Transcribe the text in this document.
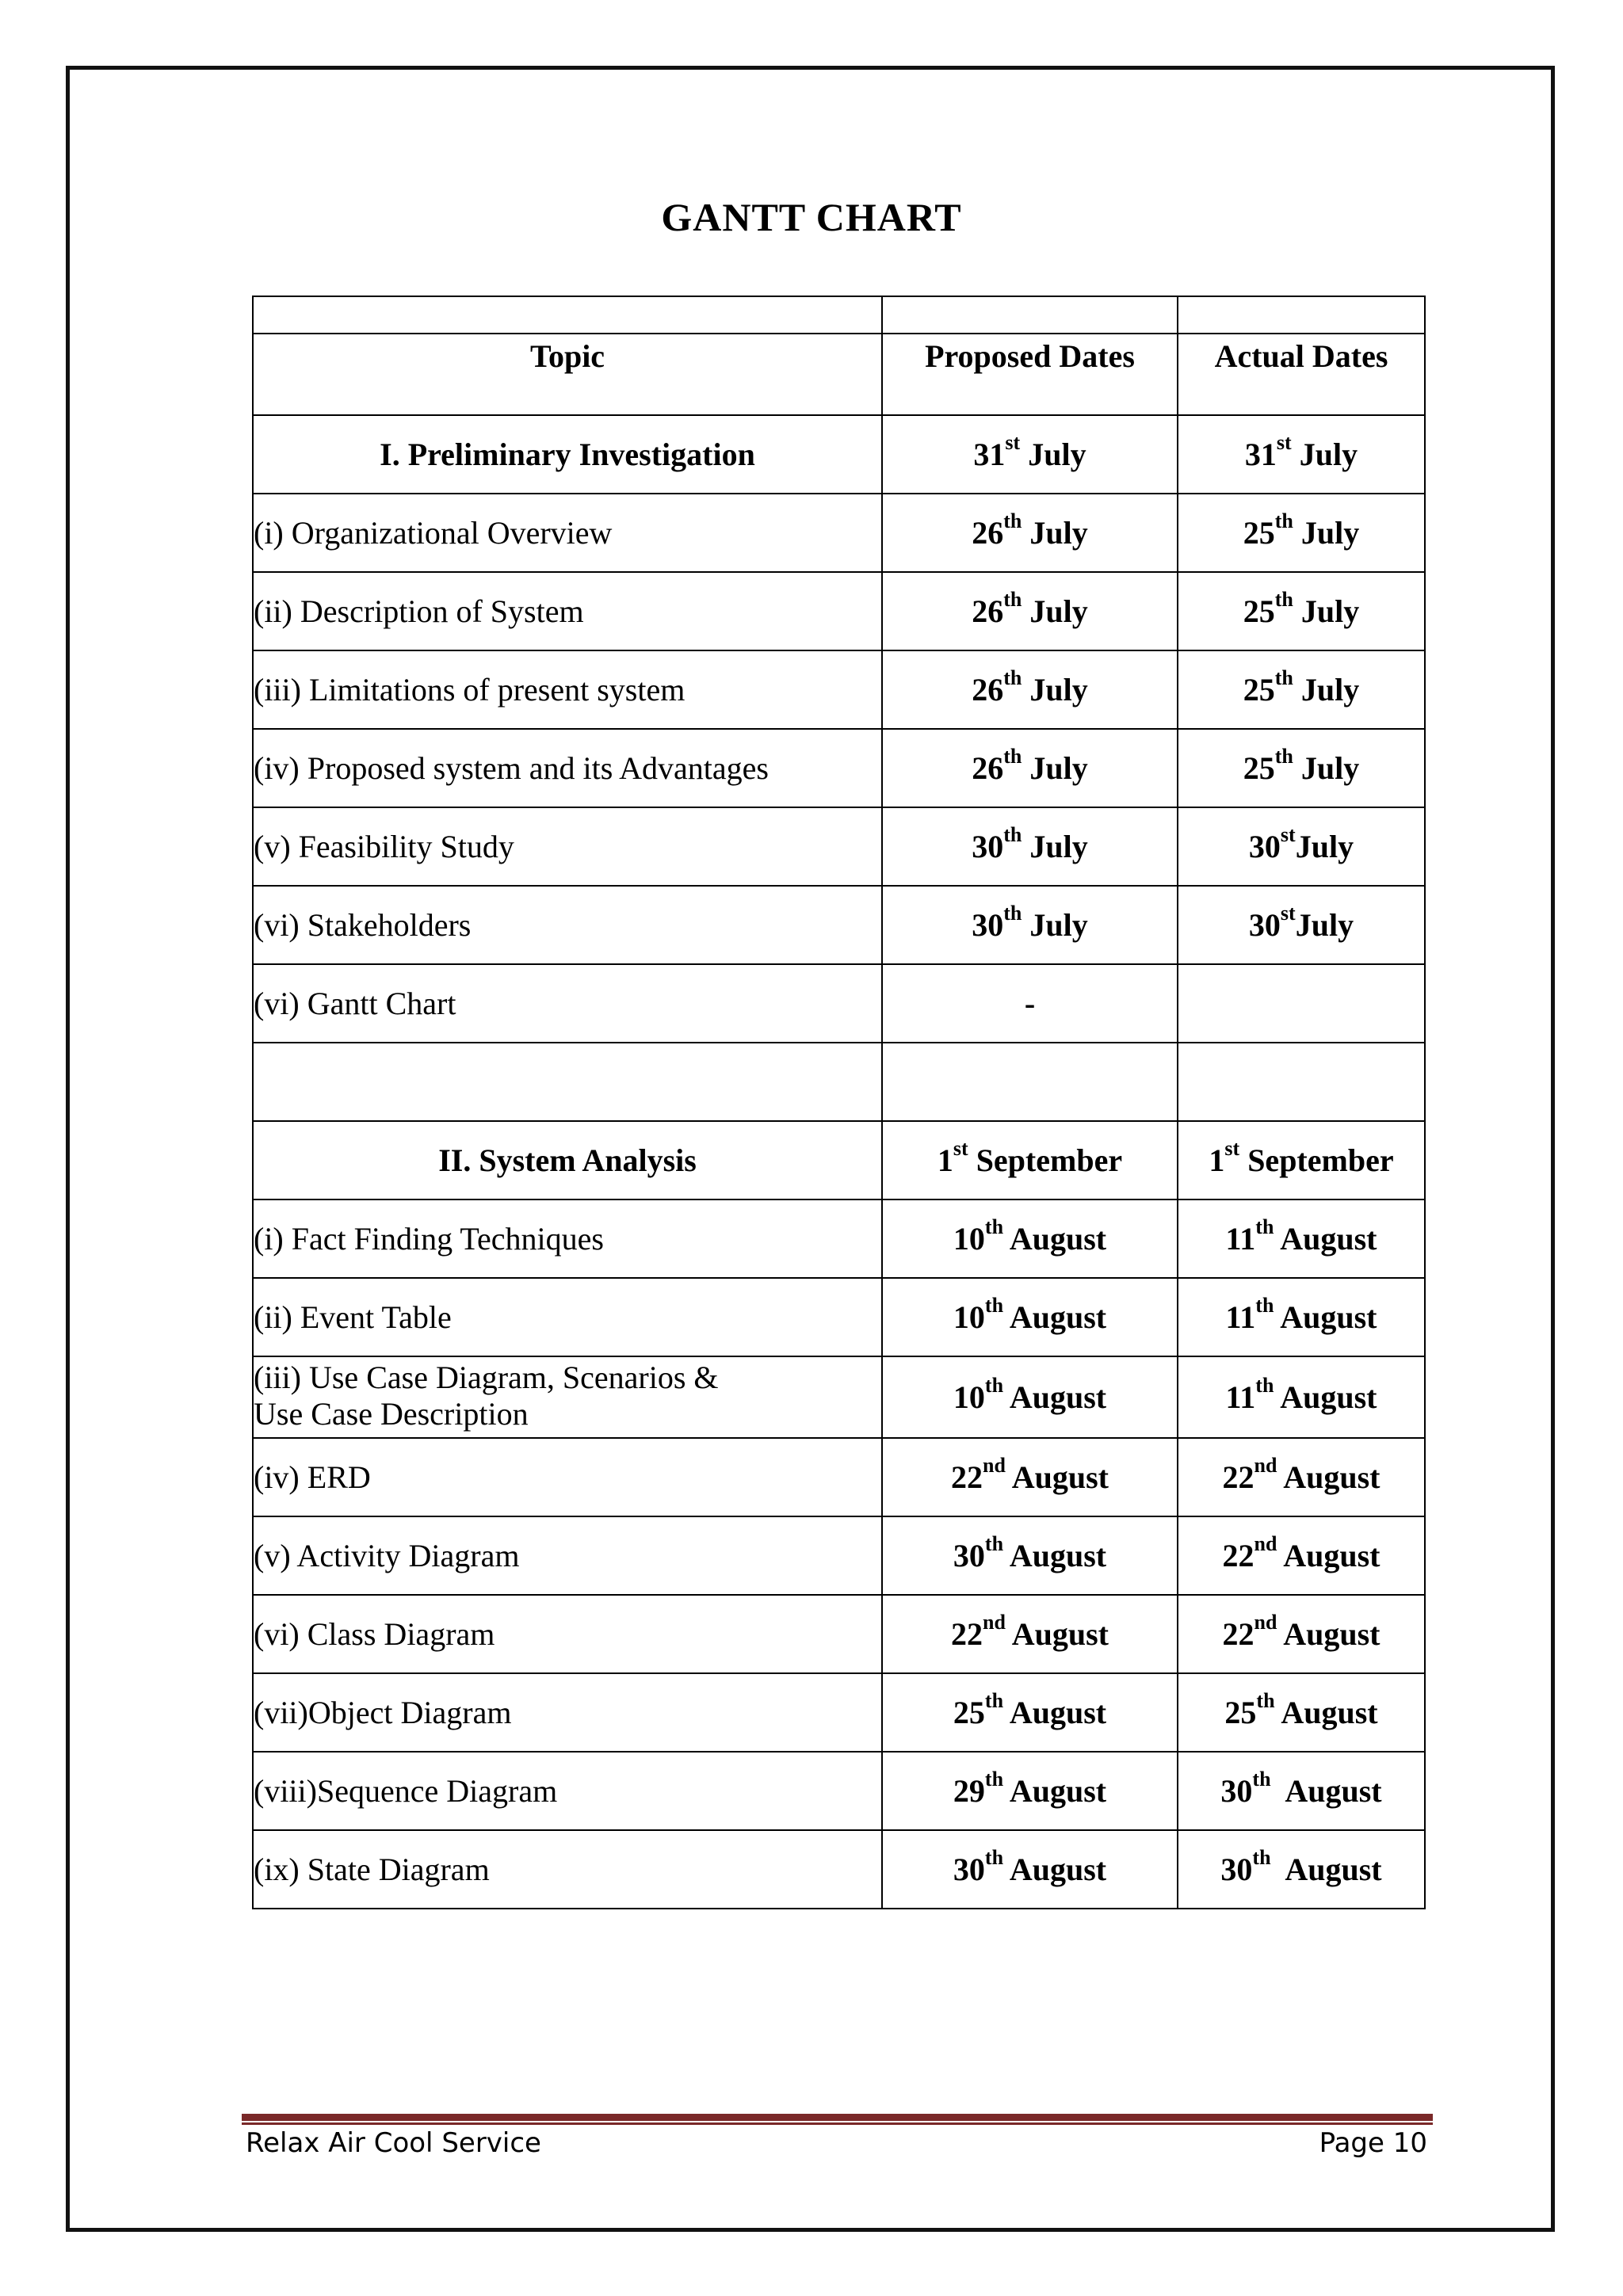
GANTT CHART

Topic	Proposed Dates	Actual Dates
I. Preliminary Investigation	31st July	31st July
(i) Organizational Overview	26th July	25th July
(ii) Description of System	26th July	25th July
(iii) Limitations of present system	26th July	25th July
(iv) Proposed system and its Advantages	26th July	25th July
(v) Feasibility Study	30th July	30stJuly
(vi) Stakeholders	30th July	30stJuly
(vi) Gantt Chart	-	

II. System Analysis	1st September	1st September
(i) Fact Finding Techniques	10th August	11th August
(ii) Event Table	10th August	11th August

(iii) Use Case Diagram, Scenarios &
Use Case Description	10th August	11th August
(iv) ERD	22nd August	22nd August
(v) Activity Diagram	30th August	22nd August
(vi) Class Diagram	22nd August	22nd August
(vii)Object Diagram	25th August	25th August
(viii)Sequence Diagram	29th August	30th  August
(ix) State Diagram	30th August	30th  August
Relax Air Cool Service	Page 10
